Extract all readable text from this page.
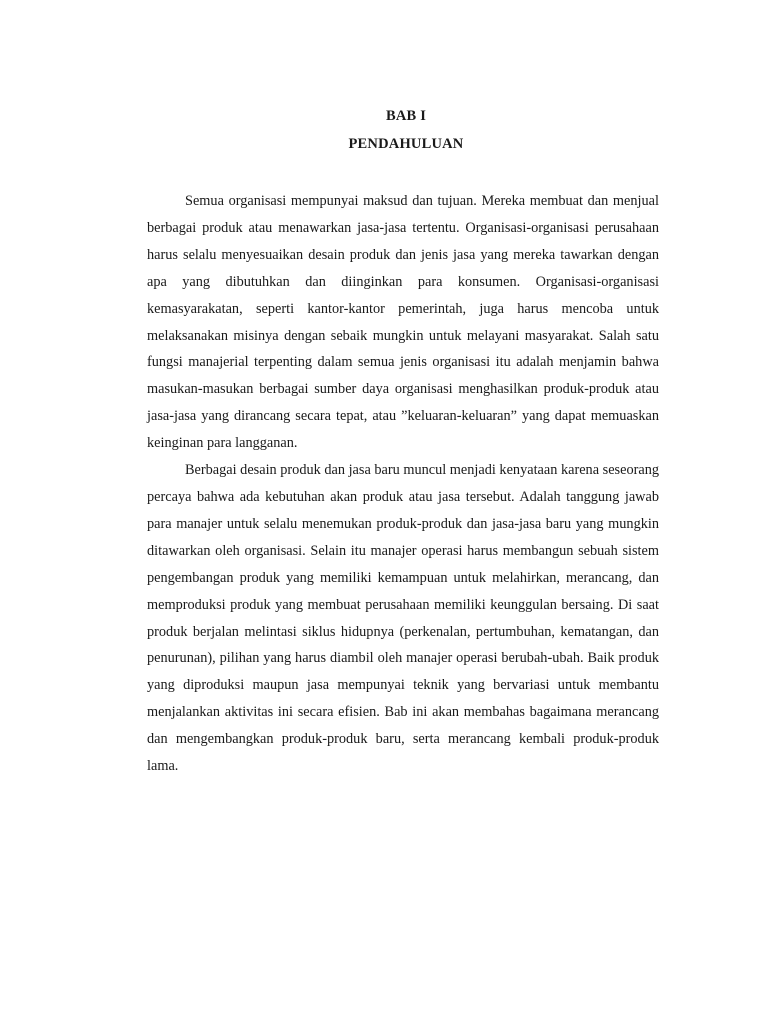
BAB I
PENDAHULUAN

Semua organisasi mempunyai maksud dan tujuan. Mereka membuat dan menjual berbagai produk atau menawarkan jasa-jasa tertentu. Organisasi-organisasi perusahaan harus selalu menyesuaikan desain produk dan jenis jasa yang mereka tawarkan dengan apa yang dibutuhkan dan diinginkan para konsumen. Organisasi-organisasi kemasyarakatan, seperti kantor-kantor pemerintah, juga harus mencoba untuk melaksanakan misinya dengan sebaik mungkin untuk melayani masyarakat. Salah satu fungsi manajerial terpenting dalam semua jenis organisasi itu adalah menjamin bahwa masukan-masukan berbagai sumber daya organisasi menghasilkan produk-produk atau jasa-jasa yang dirancang secara tepat, atau ”keluaran-keluaran” yang dapat memuaskan keinginan para langganan.

Berbagai desain produk dan jasa baru muncul menjadi kenyataan karena seseorang percaya bahwa ada kebutuhan akan produk atau jasa tersebut. Adalah tanggung jawab para manajer untuk selalu menemukan produk-produk dan jasa-jasa baru yang mungkin ditawarkan oleh organisasi. Selain itu manajer operasi harus membangun sebuah sistem pengembangan produk yang memiliki kemampuan untuk melahirkan, merancang, dan memproduksi produk yang membuat perusahaan memiliki keunggulan bersaing. Di saat produk berjalan melintasi siklus hidupnya (perkenalan, pertumbuhan, kematangan, dan penurunan), pilihan yang harus diambil oleh manajer operasi berubah-ubah. Baik produk yang diproduksi maupun jasa mempunyai teknik yang bervariasi untuk membantu menjalankan aktivitas ini secara efisien. Bab ini akan membahas bagaimana merancang dan mengembangkan produk-produk baru, serta merancang kembali produk-produk lama.
